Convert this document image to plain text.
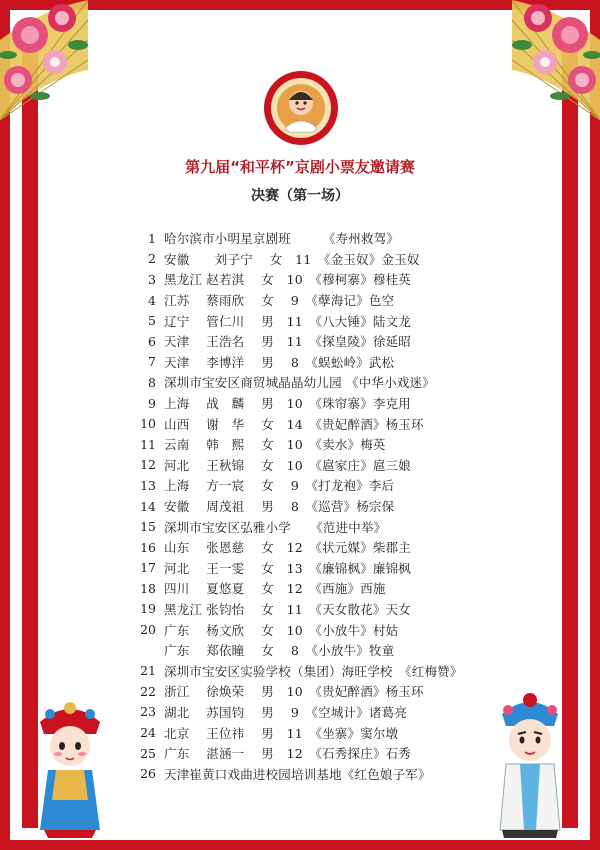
第九届“和平杯”京剧小票友邀请赛
决赛（第一场）
1 哈尔滨市小明星京剧班　　　《寿州救驾》
2 安徽　　刘子宁　 女　11　《金玉奴》金玉奴
3 黑龙江 赵若淇　 女　10　《穆柯寨》穆桂英
4 江苏　 蔡雨欣　 女　 9　《孽海记》色空
5 辽宁　 管仁川　 男　11　《八大锤》陆文龙
6 天津　 王浩名　 男　11　《探皇陵》徐延昭
7 天津　 李博洋　 男　 8　《蜈蚣岭》武松
8 深圳市宝安区商贸城晶晶幼儿园 《中华小戏迷》
9 上海　 战　麟　 男　10　《珠帘寨》李克用
10 山西　 谢　华　 女　14　《贵妃醉酒》杨玉环
11 云南　 韩　熙　 女　10　《卖水》梅英
12 河北　 王秋锦　 女　10　《扈家庄》扈三娘
13 上海　 方一宸　 女　 9　《打龙袍》李后
14 安徽　 周茂祖　 男　 8　《巡营》杨宗保
15 深圳市宝安区弘雅小学　　《范进中举》
16 山东　 张恩慈　 女　12　《状元媒》柴郡主
17 河北　 王一雯　 女　13　《廉锦枫》廉锦枫
18 四川　 夏悠夏　 女　12　《西施》西施
19 黑龙江 张钧怡　 女　11　《天女散花》天女
20 广东　 杨文欣　 女　10　《小放牛》村姑
广东　 郑依瞳　 女　 8　《小放牛》牧童
21 深圳市宝安区实验学校（集团）海旺学校　《红梅赞》
22 浙江　 徐焕荣　 男　10　《贵妃醉酒》杨玉环
23 湖北　 苏国钧　 男　 9　《空城计》诸葛亮
24 北京　 王位祎　 男　11　《坐寨》窦尔墩
25 广东　 湛涵一　 男　12　《石秀探庄》石秀
26 天津崔黄口戏曲进校园培训基地《红色娘子军》
